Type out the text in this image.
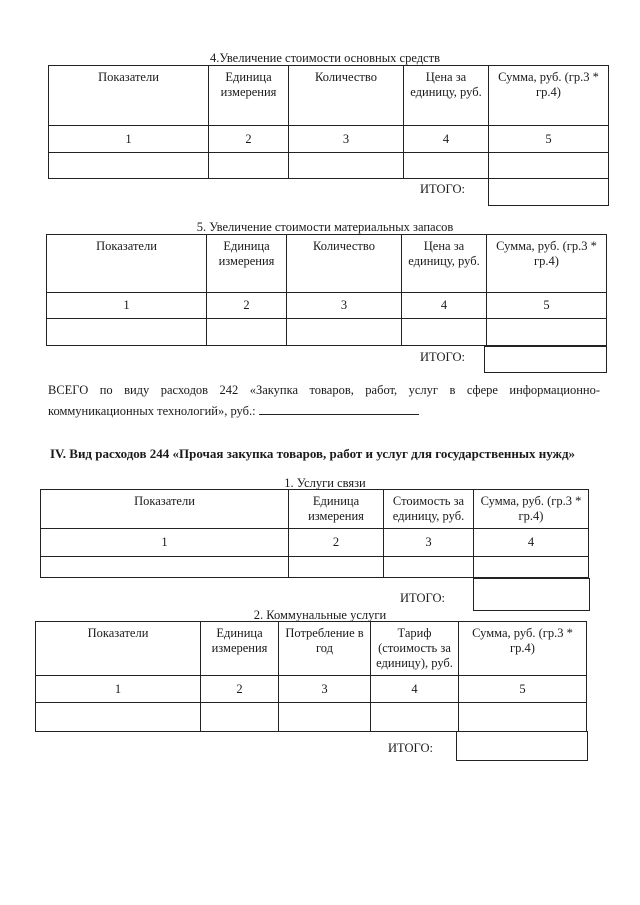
4.Увеличение стоимости основных средств
Показатели	Единица измерения	Количество	Цена за единицу, руб.	Сумма, руб. (гр.3 * гр.4)
1	2	3	4	5

ИТОГО:
5. Увеличение стоимости материальных запасов
Показатели	Единица измерения	Количество	Цена за единицу, руб.	Сумма, руб. (гр.3 * гр.4)
1	2	3	4	5

ИТОГО:
ВСЕГО по виду расходов 242 «Закупка товаров, работ, услуг в сфере информационно-коммуникационных технологий», руб.:
IV. Вид расходов 244 «Прочая закупка товаров, работ и услуг для государственных нужд»
1. Услуги связи
Показатели	Единица измерения	Стоимость за единицу, руб.	Сумма, руб. (гр.3 * гр.4)
1	2	3	4

ИТОГО:
2. Коммунальные услуги
Показатели	Единица измерения	Потребление в год	Тариф (стоимость за единицу), руб.	Сумма, руб. (гр.3 * гр.4)
1	2	3	4	5

ИТОГО:
